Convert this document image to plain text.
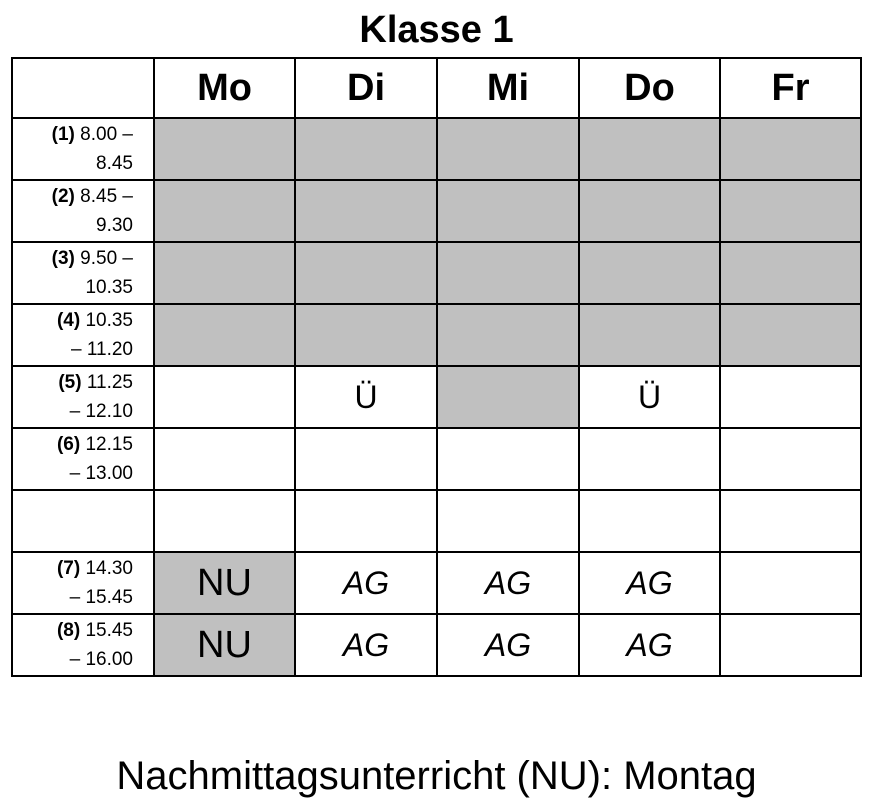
Klasse 1
	Mo	Di	Mi	Do	Fr

(1) 8.00 –
8.45					

(2) 8.45 –
9.30					

(3) 9.50 –
10.35					

(4) 10.35
– 11.20					

(5) 11.25
– 12.10		Ü		Ü	

(6) 12.15
– 13.00					

(7) 14.30
– 15.45	NU	AG	AG	AG	

(8) 15.45
– 16.00	NU	AG	AG	AG	
Nachmittagsunterricht (NU): Montag
